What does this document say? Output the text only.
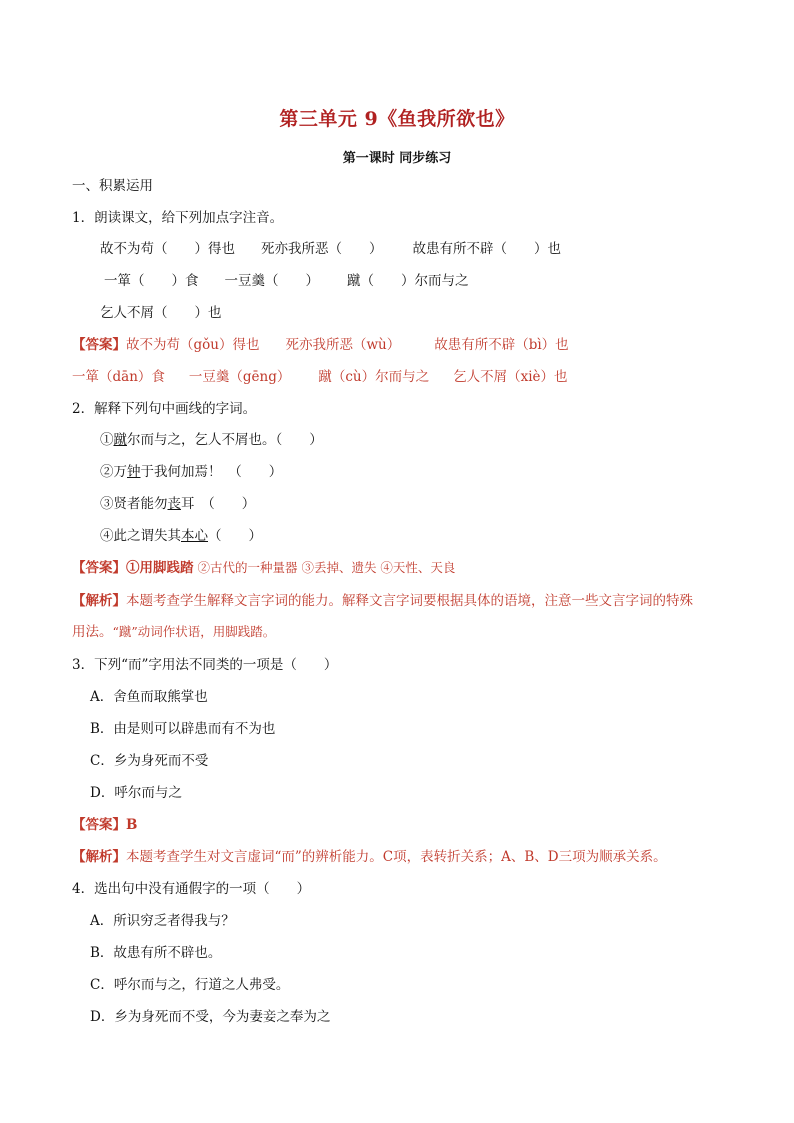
第三单元 9《鱼我所欲也》
第一课时 同步练习
一、积累运用
1．朗读课文，给下列加点字注音。
故不为苟（　　）得也 死亦我所恶（　　） 故患有所不辟（　　）也
一箪（　　）食 一豆羹（　　） 蹴（　　）尔而与之
乞人不屑（　　）也
【答案】故不为苟（gǒu）得也 死亦我所恶（wù）	故患有所不辟（bì）也
一箪（dān）食 一豆羹（gēng） 蹴（cù）尔而与之 乞人不屑（xiè）也
2．解释下列句中画线的字词。
①蹴尔而与之，乞人不屑也。（　　）
②万钟于我何加焉！　（　　）
③贤者能勿丧耳　（　　）
④此之谓失其本心（　　）
【答案】①用脚践踏 ②古代的一种量器 ③丢掉、遗失 ④天性、天良
【解析】本题考查学生解释文言字词的能力。解释文言字词要根据具体的语境，注意一些文言字词的特殊
用法。“蹴”动词作状语，用脚践踏。
3．下列“而”字用法不同类的一项是（　　）
A．舍鱼而取熊掌也
B．由是则可以辟患而有不为也
C．乡为身死而不受
D．呼尔而与之
【答案】B
【解析】本题考查学生对文言虚词“而”的辨析能力。C项，表转折关系；A、B、D三项为顺承关系。
4．选出句中没有通假字的一项（　　）
A．所识穷乏者得我与？
B．故患有所不辟也。
C．呼尔而与之，行道之人弗受。
D．乡为身死而不受，今为妻妾之奉为之
